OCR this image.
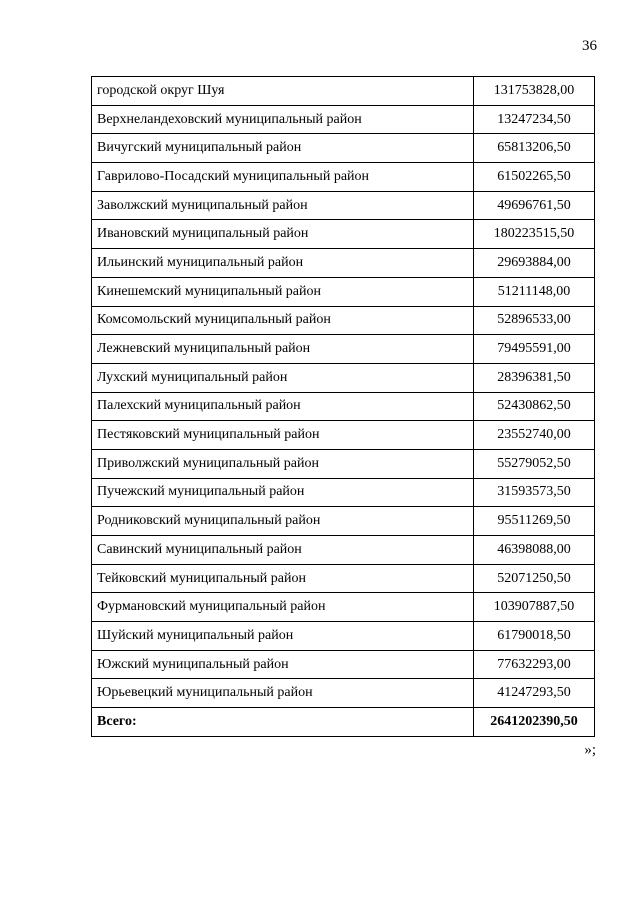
36
городской округ Шуя	131753828,00
Верхнеландеховский муниципальный район	13247234,50
Вичугский муниципальный район	65813206,50
Гаврилово-Посадский муниципальный район	61502265,50
Заволжский муниципальный район	49696761,50
Ивановский муниципальный район	180223515,50
Ильинский муниципальный район	29693884,00
Кинешемский муниципальный район	51211148,00
Комсомольский муниципальный район	52896533,00
Лежневский муниципальный район	79495591,00
Лухский муниципальный район	28396381,50
Палехский муниципальный район	52430862,50
Пестяковский муниципальный район	23552740,00
Приволжский муниципальный район	55279052,50
Пучежский муниципальный район	31593573,50
Родниковский муниципальный район	95511269,50
Савинский муниципальный район	46398088,00
Тейковский муниципальный район	52071250,50
Фурмановский муниципальный район	103907887,50
Шуйский муниципальный район	61790018,50
Южский муниципальный район	77632293,00
Юрьевецкий муниципальный район	41247293,50
Всего:	2641202390,50
»;
